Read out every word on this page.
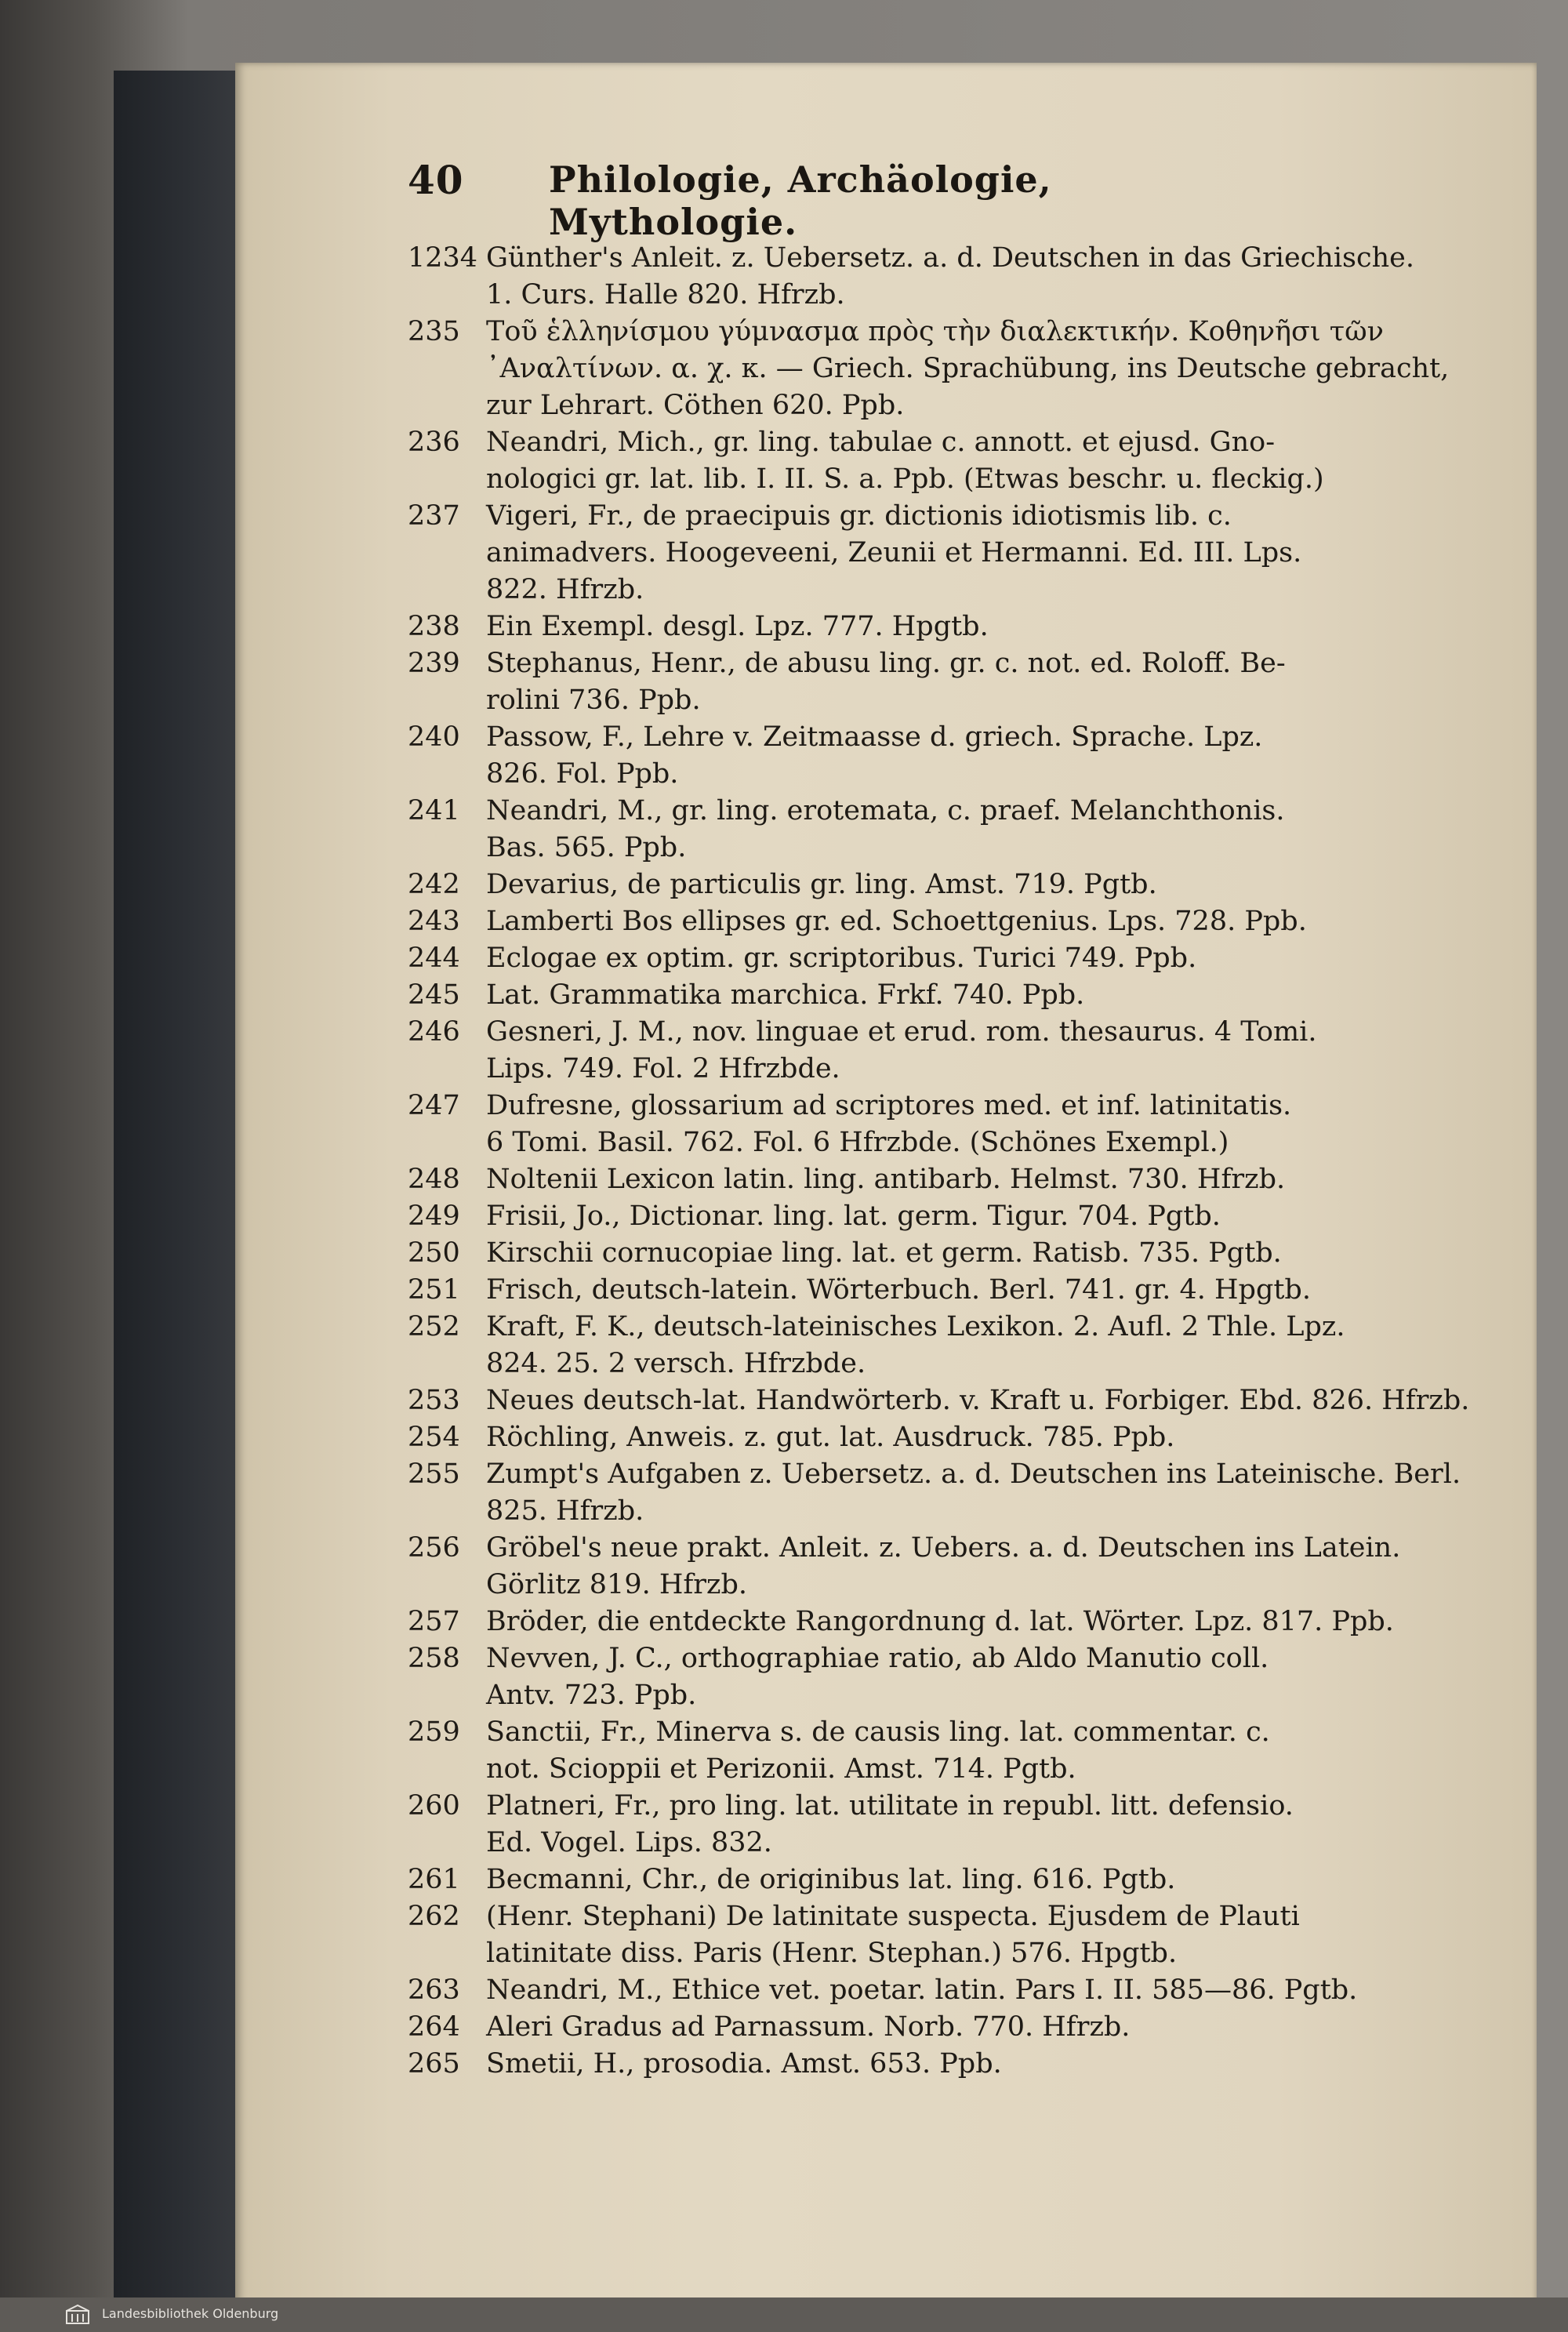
40 Philologie, Archäologie, Mythologie.
1234 Günther's Anleit. z. Uebersetz. a. d. Deutschen in das Griechische.
1. Curs. Halle 820. Hfrzb.
235 Τοῦ ἑλληνίσμου γύμνασμα πρὸς τὴν διαλεκτικήν. Κοθηνῆσι τῶν
᾽Αναλτίνων. α. χ. κ. — Griech. Sprachübung, ins Deutsche gebracht,
zur Lehrart. Cöthen 620. Ppb.
236 Neandri, Mich., gr. ling. tabulae c. annott. et ejusd. Gno-
nologici gr. lat. lib. I. II. S. a. Ppb. (Etwas beschr. u. fleckig.)
237 Vigeri, Fr., de praecipuis gr. dictionis idiotismis lib. c.
animadvers. Hoogeveeni, Zeunii et Hermanni. Ed. III. Lps.
822. Hfrzb.
238 Ein Exempl. desgl. Lpz. 777. Hpgtb.
239 Stephanus, Henr., de abusu ling. gr. c. not. ed. Roloff. Be-
rolini 736. Ppb.
240 Passow, F., Lehre v. Zeitmaasse d. griech. Sprache. Lpz.
826. Fol. Ppb.
241 Neandri, M., gr. ling. erotemata, c. praef. Melanchthonis.
Bas. 565. Ppb.
242 Devarius, de particulis gr. ling. Amst. 719. Pgtb.
243 Lamberti Bos ellipses gr. ed. Schoettgenius. Lps. 728. Ppb.
244 Eclogae ex optim. gr. scriptoribus. Turici 749. Ppb.
245 Lat. Grammatika marchica. Frkf. 740. Ppb.
246 Gesneri, J. M., nov. linguae et erud. rom. thesaurus. 4 Tomi.
Lips. 749. Fol. 2 Hfrzbde.
247 Dufresne, glossarium ad scriptores med. et inf. latinitatis.
6 Tomi. Basil. 762. Fol. 6 Hfrzbde. (Schönes Exempl.)
248 Noltenii Lexicon latin. ling. antibarb. Helmst. 730. Hfrzb.
249 Frisii, Jo., Dictionar. ling. lat. germ. Tigur. 704. Pgtb.
250 Kirschii cornucopiae ling. lat. et germ. Ratisb. 735. Pgtb.
251 Frisch, deutsch-latein. Wörterbuch. Berl. 741. gr. 4. Hpgtb.
252 Kraft, F. K., deutsch-lateinisches Lexikon. 2. Aufl. 2 Thle. Lpz.
824. 25. 2 versch. Hfrzbde.
253 Neues deutsch-lat. Handwörterb. v. Kraft u. Forbiger. Ebd. 826. Hfrzb.
254 Röchling, Anweis. z. gut. lat. Ausdruck. 785. Ppb.
255 Zumpt's Aufgaben z. Uebersetz. a. d. Deutschen ins Lateinische. Berl.
825. Hfrzb.
256 Gröbel's neue prakt. Anleit. z. Uebers. a. d. Deutschen ins Latein.
Görlitz 819. Hfrzb.
257 Bröder, die entdeckte Rangordnung d. lat. Wörter. Lpz. 817. Ppb.
258 Nevven, J. C., orthographiae ratio, ab Aldo Manutio coll.
Antv. 723. Ppb.
259 Sanctii, Fr., Minerva s. de causis ling. lat. commentar. c.
not. Scioppii et Perizonii. Amst. 714. Pgtb.
260 Platneri, Fr., pro ling. lat. utilitate in republ. litt. defensio.
Ed. Vogel. Lips. 832.
261 Becmanni, Chr., de originibus lat. ling. 616. Pgtb.
262 (Henr. Stephani) De latinitate suspecta. Ejusdem de Plauti
latinitate diss. Paris (Henr. Stephan.) 576. Hpgtb.
263 Neandri, M., Ethice vet. poetar. latin. Pars I. II. 585—86. Pgtb.
264 Aleri Gradus ad Parnassum. Norb. 770. Hfrzb.
265 Smetii, H., prosodia. Amst. 653. Ppb.
Landesbibliothek Oldenburg
